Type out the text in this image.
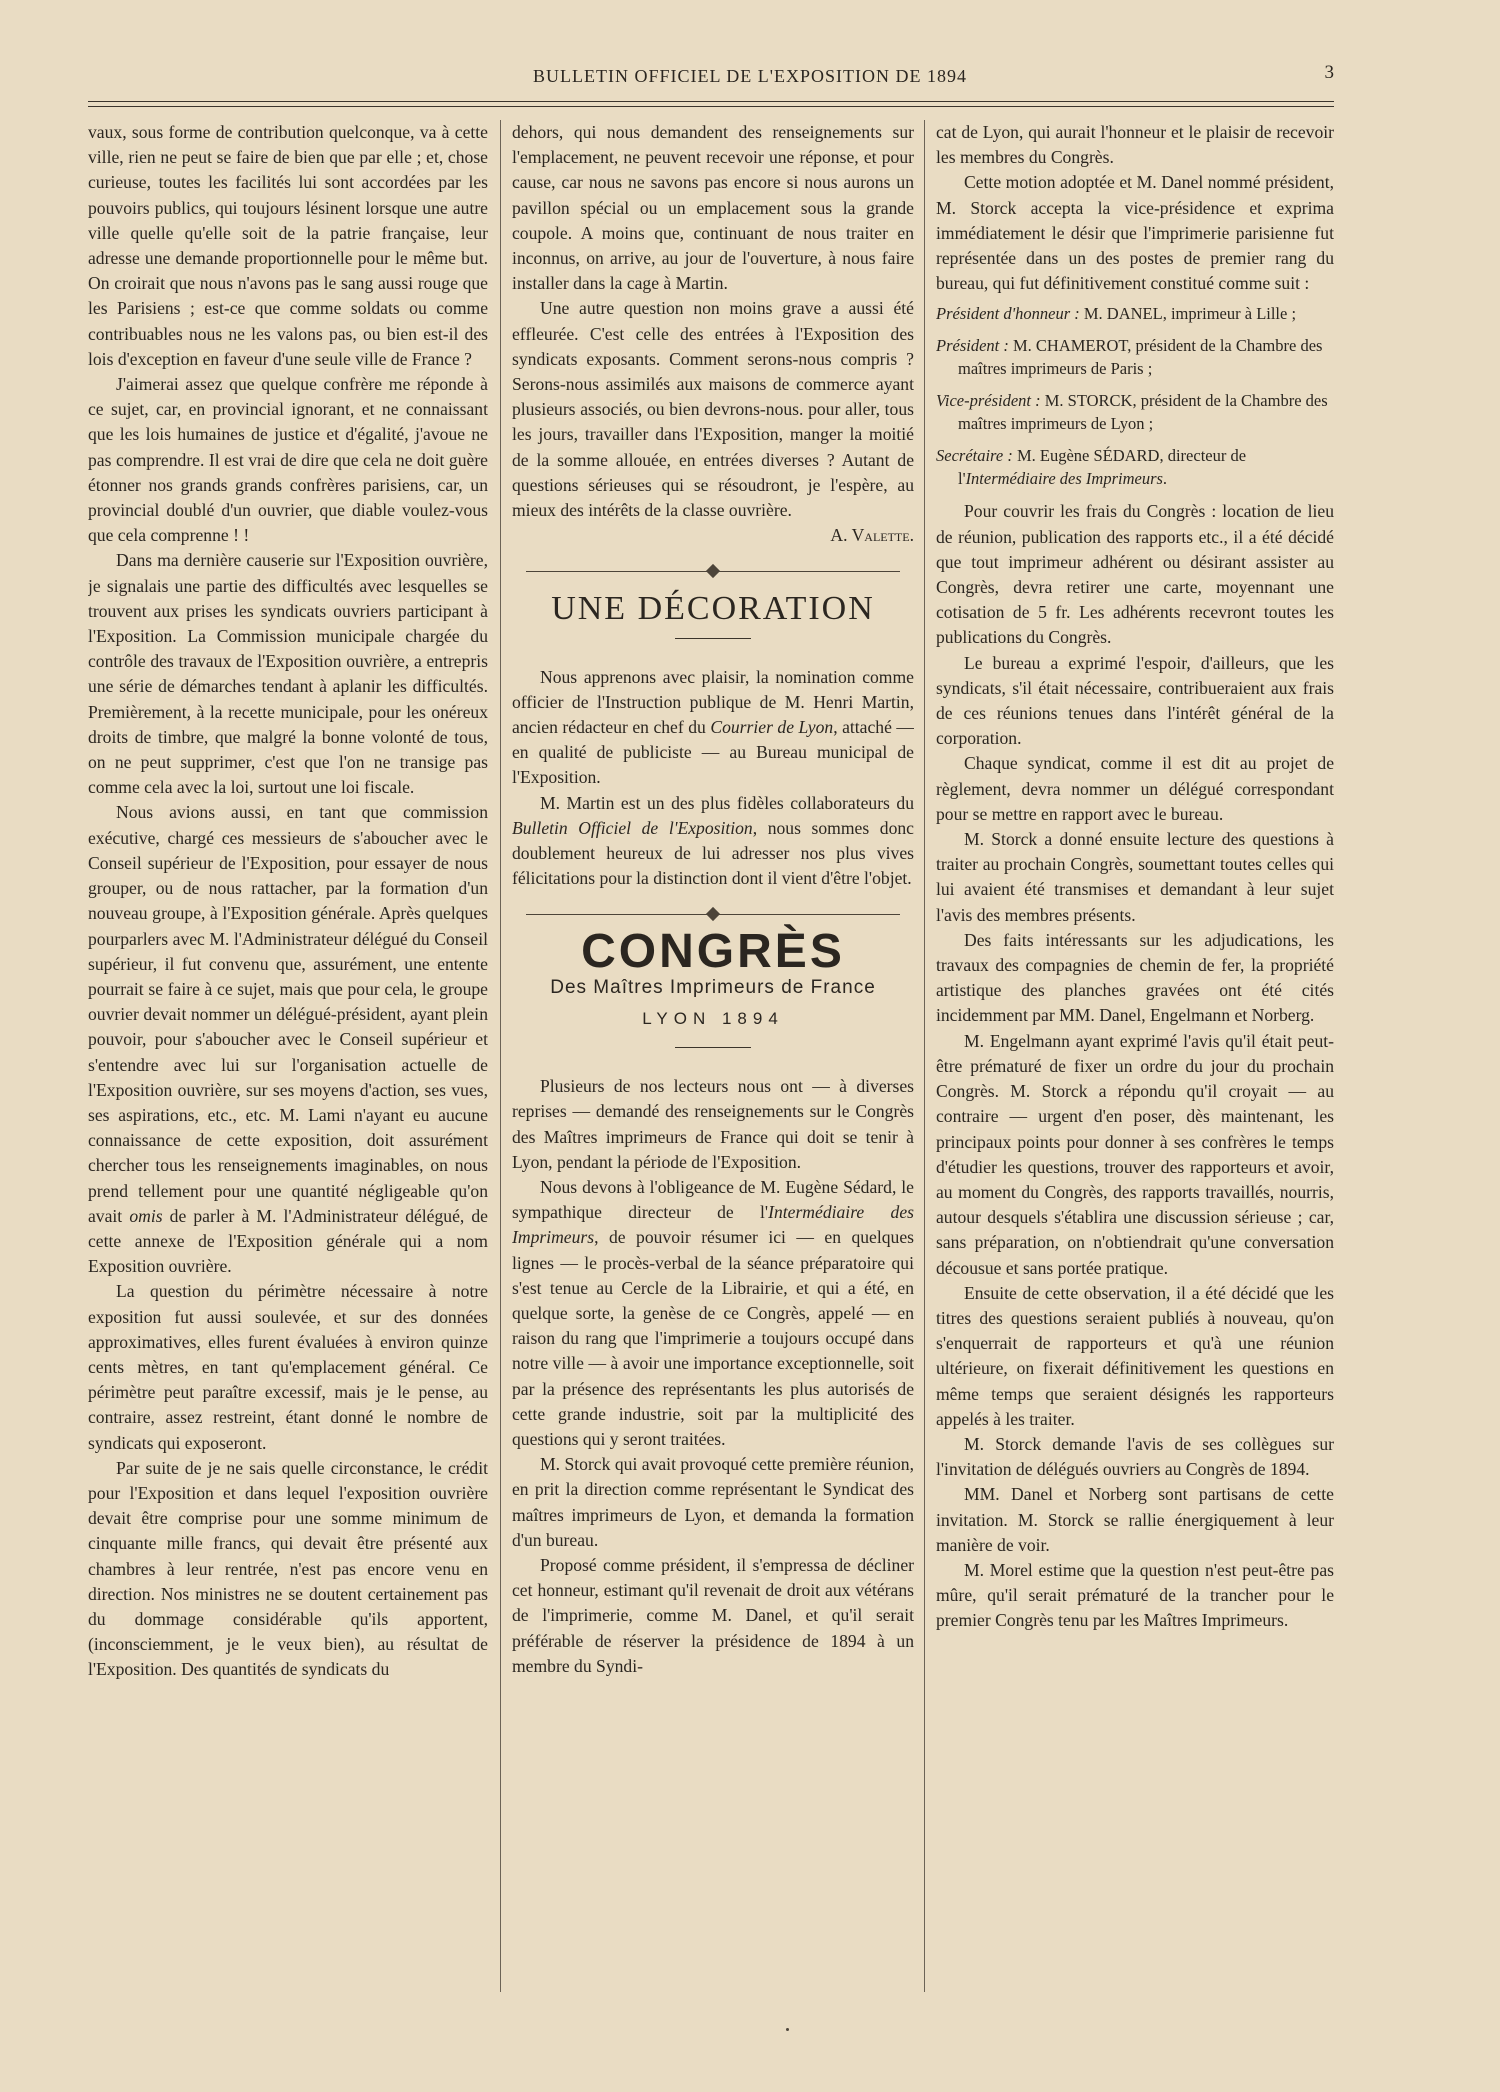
BULLETIN OFFICIEL DE L'EXPOSITION DE 1894	3

vaux, sous forme de contribution quelconque, va à cette ville, rien ne peut se faire de bien que par elle ; et, chose curieuse, toutes les facilités lui sont accordées par les pouvoirs publics, qui toujours lésinent lorsque une autre ville quelle qu'elle soit de la patrie française, leur adresse une demande proportionnelle pour le même but. On croirait que nous n'avons pas le sang aussi rouge que les Parisiens ; est-ce que comme soldats ou comme contribuables nous ne les valons pas, ou bien est-il des lois d'exception en faveur d'une seule ville de France ?

J'aimerai assez que quelque confrère me réponde à ce sujet, car, en provincial ignorant, et ne connaissant que les lois humaines de justice et d'égalité, j'avoue ne pas comprendre. Il est vrai de dire que cela ne doit guère étonner nos grands grands confrères parisiens, car, un provincial doublé d'un ouvrier, que diable voulez-vous que cela comprenne ! !

Dans ma dernière causerie sur l'Exposition ouvrière, je signalais une partie des difficultés avec lesquelles se trouvent aux prises les syndicats ouvriers participant à l'Exposition. La Commission municipale chargée du contrôle des travaux de l'Exposition ouvrière, a entrepris une série de démarches tendant à aplanir les difficultés. Premièrement, à la recette municipale, pour les onéreux droits de timbre, que malgré la bonne volonté de tous, on ne peut supprimer, c'est que l'on ne transige pas comme cela avec la loi, surtout une loi fiscale.

Nous avions aussi, en tant que commission exécutive, chargé ces messieurs de s'aboucher avec le Conseil supérieur de l'Exposition, pour essayer de nous grouper, ou de nous rattacher, par la formation d'un nouveau groupe, à l'Exposition générale. Après quelques pourparlers avec M. l'Administrateur délégué du Conseil supérieur, il fut convenu que, assurément, une entente pourrait se faire à ce sujet, mais que pour cela, le groupe ouvrier devait nommer un délégué-président, ayant plein pouvoir, pour s'aboucher avec le Conseil supérieur et s'entendre avec lui sur l'organisation actuelle de l'Exposition ouvrière, sur ses moyens d'action, ses vues, ses aspirations, etc., etc. M. Lami n'ayant eu aucune connaissance de cette exposition, doit assurément chercher tous les renseignements imaginables, on nous prend tellement pour une quantité négligeable qu'on avait omis de parler à M. l'Administrateur délégué, de cette annexe de l'Exposition générale qui a nom Exposition ouvrière.

La question du périmètre nécessaire à notre exposition fut aussi soulevée, et sur des données approximatives, elles furent évaluées à environ quinze cents mètres, en tant qu'emplacement général. Ce périmètre peut paraître excessif, mais je le pense, au contraire, assez restreint, étant donné le nombre de syndicats qui exposeront.

Par suite de je ne sais quelle circonstance, le crédit pour l'Exposition et dans lequel l'exposition ouvrière devait être comprise pour une somme minimum de cinquante mille francs, qui devait être présenté aux chambres à leur rentrée, n'est pas encore venu en direction. Nos ministres ne se doutent certainement pas du dommage considérable qu'ils apportent, (inconsciemment, je le veux bien), au résultat de l'Exposition. Des quantités de syndicats du

dehors, qui nous demandent des renseignements sur l'emplacement, ne peuvent recevoir une réponse, et pour cause, car nous ne savons pas encore si nous aurons un pavillon spécial ou un emplacement sous la grande coupole. A moins que, continuant de nous traiter en inconnus, on arrive, au jour de l'ouverture, à nous faire installer dans la cage à Martin.

Une autre question non moins grave a aussi été effleurée. C'est celle des entrées à l'Exposition des syndicats exposants. Comment serons-nous compris ? Serons-nous assimilés aux maisons de commerce ayant plusieurs associés, ou bien devrons-nous. pour aller, tous les jours, travailler dans l'Exposition, manger la moitié de la somme allouée, en entrées diverses ? Autant de questions sérieuses qui se résoudront, je l'espère, au mieux des intérêts de la classe ouvrière.

A. Valette.

UNE DÉCORATION

Nous apprenons avec plaisir, la nomination comme officier de l'Instruction publique de M. Henri Martin, ancien rédacteur en chef du Courrier de Lyon, attaché — en qualité de publiciste — au Bureau municipal de l'Exposition.

M. Martin est un des plus fidèles collaborateurs du Bulletin Officiel de l'Exposition, nous sommes donc doublement heureux de lui adresser nos plus vives félicitations pour la distinction dont il vient d'être l'objet.

CONGRÈS
Des Maîtres Imprimeurs de France
LYON 1894

Plusieurs de nos lecteurs nous ont — à diverses reprises — demandé des renseignements sur le Congrès des Maîtres imprimeurs de France qui doit se tenir à Lyon, pendant la période de l'Exposition.

Nous devons à l'obligeance de M. Eugène Sédard, le sympathique directeur de l'Intermédiaire des Imprimeurs, de pouvoir résumer ici — en quelques lignes — le procès-verbal de la séance préparatoire qui s'est tenue au Cercle de la Librairie, et qui a été, en quelque sorte, la genèse de ce Congrès, appelé — en raison du rang que l'imprimerie a toujours occupé dans notre ville — à avoir une importance exceptionnelle, soit par la présence des représentants les plus autorisés de cette grande industrie, soit par la multiplicité des questions qui y seront traitées.

M. Storck qui avait provoqué cette première réunion, en prit la direction comme représentant le Syndicat des maîtres imprimeurs de Lyon, et demanda la formation d'un bureau.

Proposé comme président, il s'empressa de décliner cet honneur, estimant qu'il revenait de droit aux vétérans de l'imprimerie, comme M. Danel, et qu'il serait préférable de réserver la présidence de 1894 à un membre du Syndi-

cat de Lyon, qui aurait l'honneur et le plaisir de recevoir les membres du Congrès.

Cette motion adoptée et M. Danel nommé président, M. Storck accepta la vice-présidence et exprima immédiatement le désir que l'imprimerie parisienne fut représentée dans un des postes de premier rang du bureau, qui fut définitivement constitué comme suit :

Président d'honneur : M. DANEL, imprimeur à Lille ;

Président : M. CHAMEROT, président de la Chambre des maîtres imprimeurs de Paris ;

Vice-président : M. STORCK, président de la Chambre des maîtres imprimeurs de Lyon ;

Secrétaire : M. Eugène SÉDARD, directeur de l'Intermédiaire des Imprimeurs.

Pour couvrir les frais du Congrès : location de lieu de réunion, publication des rapports etc., il a été décidé que tout imprimeur adhérent ou désirant assister au Congrès, devra retirer une carte, moyennant une cotisation de 5 fr. Les adhérents recevront toutes les publications du Congrès.

Le bureau a exprimé l'espoir, d'ailleurs, que les syndicats, s'il était nécessaire, contribueraient aux frais de ces réunions tenues dans l'intérêt général de la corporation.

Chaque syndicat, comme il est dit au projet de règlement, devra nommer un délégué correspondant pour se mettre en rapport avec le bureau.

M. Storck a donné ensuite lecture des questions à traiter au prochain Congrès, soumettant toutes celles qui lui avaient été transmises et demandant à leur sujet l'avis des membres présents.

Des faits intéressants sur les adjudications, les travaux des compagnies de chemin de fer, la propriété artistique des planches gravées ont été cités incidemment par MM. Danel, Engelmann et Norberg.

M. Engelmann ayant exprimé l'avis qu'il était peut-être prématuré de fixer un ordre du jour du prochain Congrès. M. Storck a répondu qu'il croyait — au contraire — urgent d'en poser, dès maintenant, les principaux points pour donner à ses confrères le temps d'étudier les questions, trouver des rapporteurs et avoir, au moment du Congrès, des rapports travaillés, nourris, autour desquels s'établira une discussion sérieuse ; car, sans préparation, on n'obtiendrait qu'une conversation décousue et sans portée pratique.

Ensuite de cette observation, il a été décidé que les titres des questions seraient publiés à nouveau, qu'on s'enquerrait de rapporteurs et qu'à une réunion ultérieure, on fixerait définitivement les questions en même temps que seraient désignés les rapporteurs appelés à les traiter.

M. Storck demande l'avis de ses collègues sur l'invitation de délégués ouvriers au Congrès de 1894.

MM. Danel et Norberg sont partisans de cette invitation. M. Storck se rallie énergiquement à leur manière de voir.

M. Morel estime que la question n'est peut-être pas mûre, qu'il serait prématuré de la trancher pour le premier Congrès tenu par les Maîtres Imprimeurs.
